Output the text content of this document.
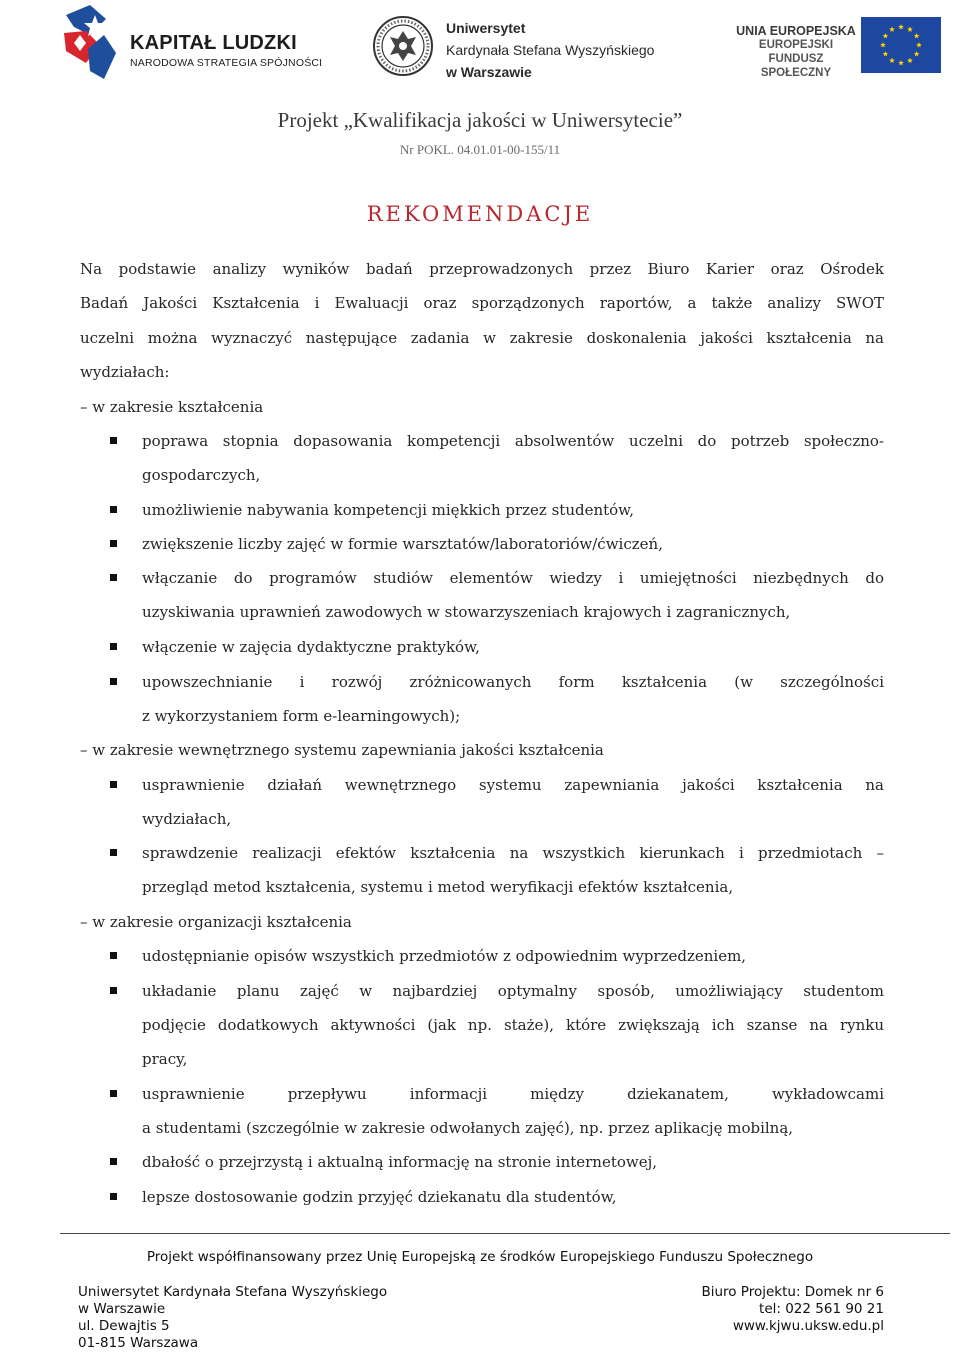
KAPITAŁ LUDZKI
NARODOWA STRATEGIA SPÓJNOŚCI
Uniwersytet
Kardynała Stefana Wyszyńskiego
w Warszawie
UNIA EUROPEJSKA
EUROPEJSKI
FUNDUSZ SPOŁECZNY
Projekt „Kwalifikacja jakości w Uniwersytecie”
Nr POKL. 04.01.01-00-155/11
REKOMENDACJE
Na podstawie analizy wyników badań przeprowadzonych przez Biuro Karier oraz Ośrodek
Badań Jakości Kształcenia i Ewaluacji oraz sporządzonych raportów, a także analizy SWOT
uczelni można wyznaczyć następujące zadania w zakresie doskonalenia jakości kształcenia na
wydziałach:
– w zakresie kształcenia
poprawa stopnia dopasowania kompetencji absolwentów uczelni do potrzeb społeczno-
gospodarczych,
umożliwienie nabywania kompetencji miękkich przez studentów,
zwiększenie liczby zajęć w formie warsztatów/laboratoriów/ćwiczeń,
włączanie do programów studiów elementów wiedzy i umiejętności niezbędnych do
uzyskiwania uprawnień zawodowych w stowarzyszeniach krajowych i zagranicznych,
włączenie w zajęcia dydaktyczne praktyków,
upowszechnianie i rozwój zróżnicowanych form kształcenia (w szczególności
z wykorzystaniem form e-learningowych);
– w zakresie wewnętrznego systemu zapewniania jakości kształcenia
usprawnienie działań wewnętrznego systemu zapewniania jakości kształcenia na
wydziałach,
sprawdzenie realizacji efektów kształcenia na wszystkich kierunkach i przedmiotach –
przegląd metod kształcenia, systemu i metod weryfikacji efektów kształcenia,
– w zakresie organizacji kształcenia
udostępnianie opisów wszystkich przedmiotów z odpowiednim wyprzedzeniem,
układanie planu zajęć w najbardziej optymalny sposób, umożliwiający studentom
podjęcie dodatkowych aktywności (jak np. staże), które zwiększają ich szanse na rynku
pracy,
usprawnienie przepływu informacji między dziekanatem, wykładowcami
a studentami (szczególnie w zakresie odwołanych zajęć), np. przez aplikację mobilną,
dbałość o przejrzystą i aktualną informację na stronie internetowej,
lepsze dostosowanie godzin przyjęć dziekanatu dla studentów,
Projekt współfinansowany przez Unię Europejską ze środków Europejskiego Funduszu Społecznego
Uniwersytet Kardynała Stefana Wyszyńskiego
w Warszawie
ul. Dewajtis 5
01-815 Warszawa
Biuro Projektu: Domek nr 6
tel: 022 561 90 21
www.kjwu.uksw.edu.pl
